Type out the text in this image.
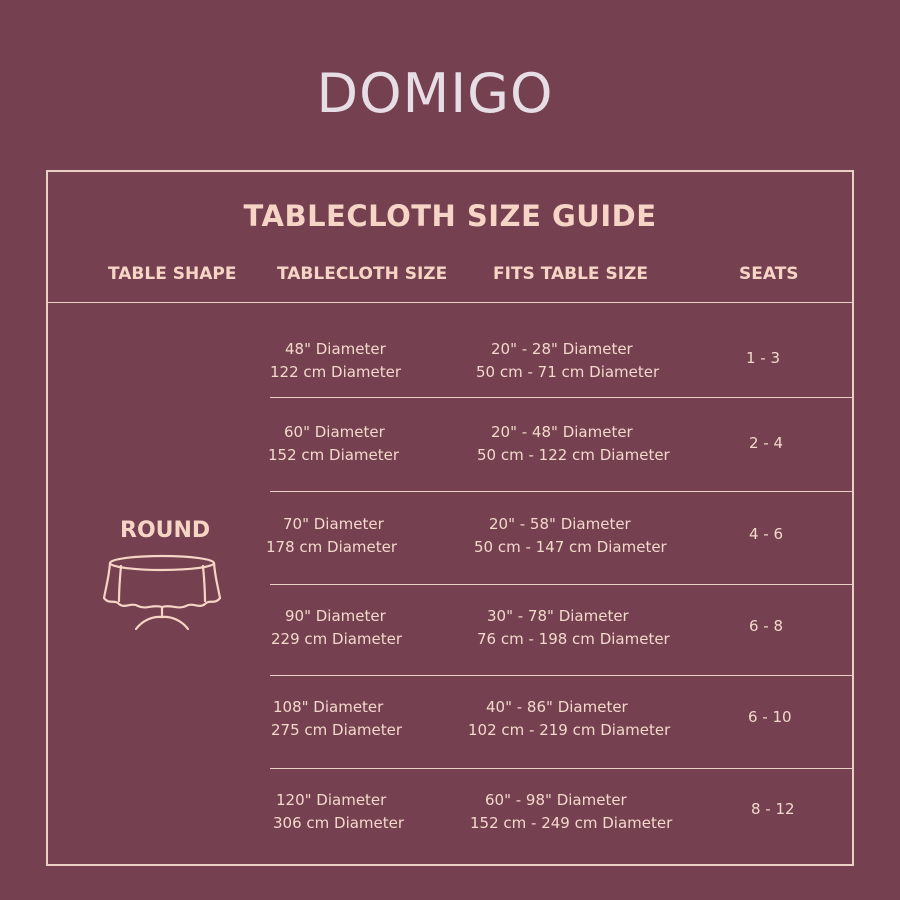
DOMIGO
TABLECLOTH SIZE GUIDE
TABLE SHAPE TABLECLOTH SIZE	FITS TABLE SIZE	SEATS
ROUND
48" Diameter
122 cm Diameter
20" - 28" Diameter
50 cm - 71 cm Diameter
1 - 3
60" Diameter
152 cm Diameter
20" - 48" Diameter
50 cm - 122 cm Diameter
2 - 4
70" Diameter
178 cm Diameter
20" - 58" Diameter
50 cm - 147 cm Diameter
4 - 6
90" Diameter
229 cm Diameter
30" - 78" Diameter
76 cm - 198 cm Diameter
6 - 8
108" Diameter
275 cm Diameter
40" - 86" Diameter
102 cm - 219 cm Diameter
6 - 10
120" Diameter
306 cm Diameter
60" - 98" Diameter
152 cm - 249 cm Diameter
8 - 12
